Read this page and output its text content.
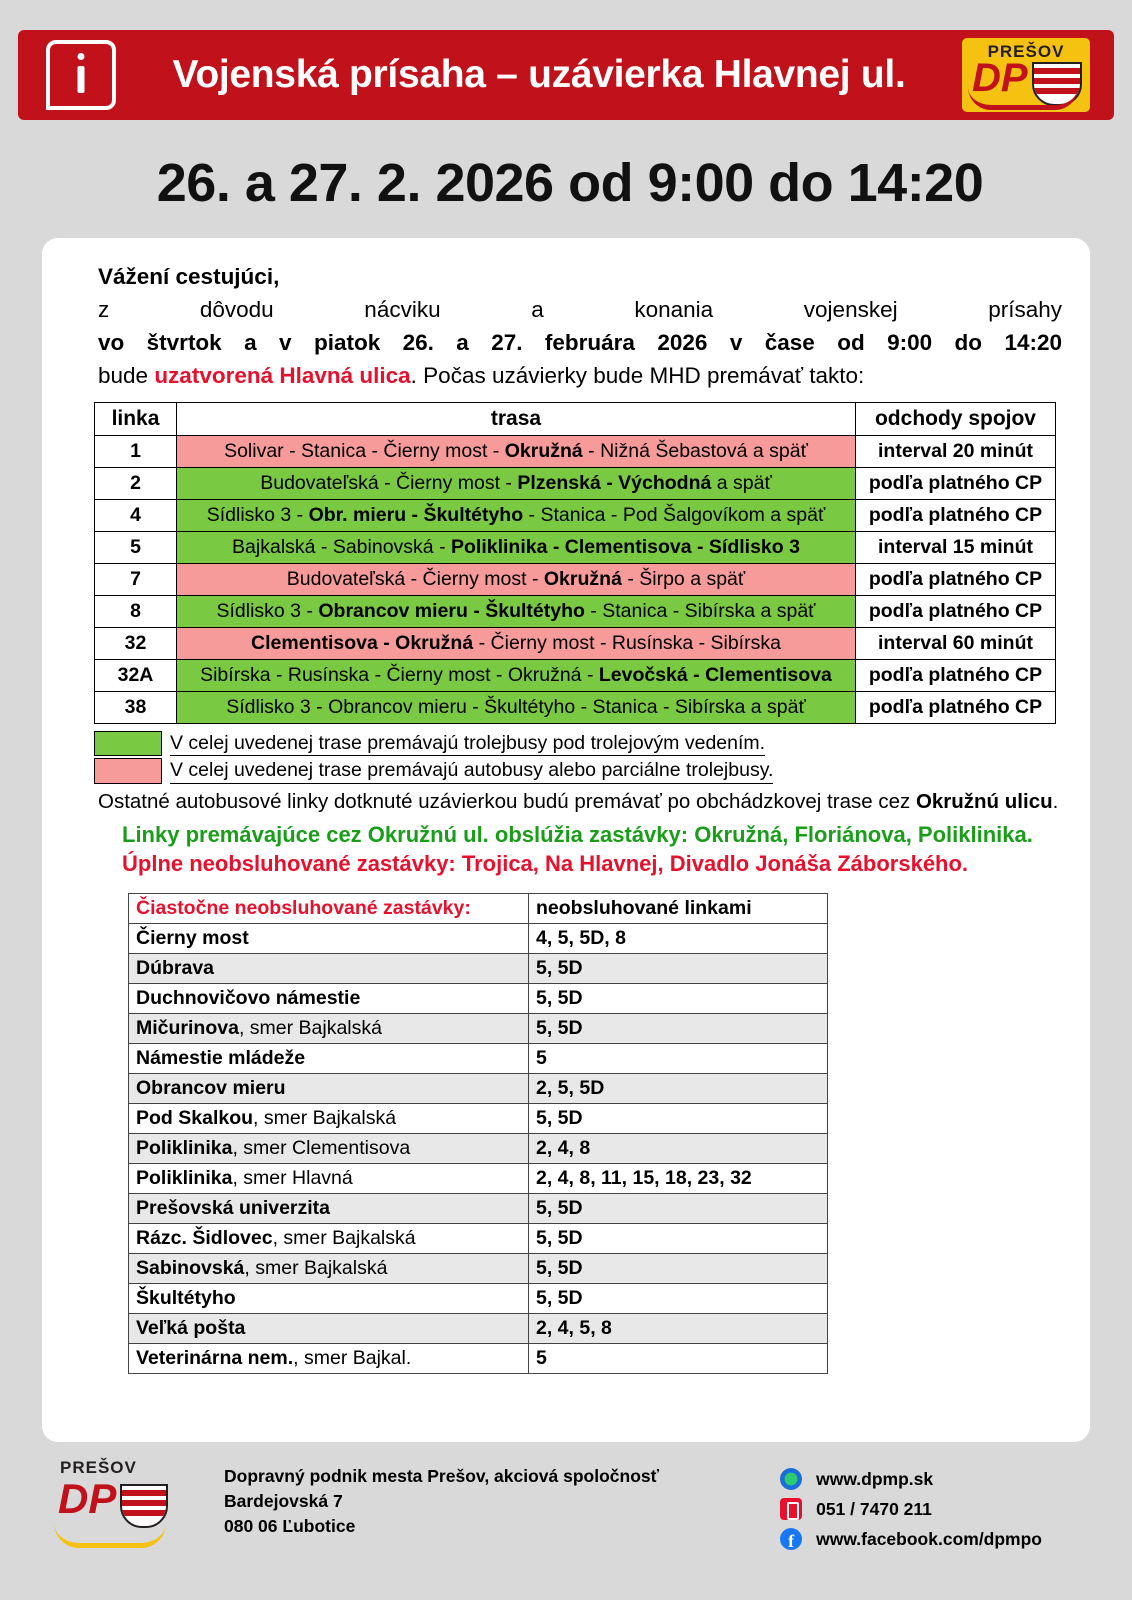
Vojenská prísaha – uzávierka Hlavnej ul.
PREŠOV
DP
26. a 27. 2. 2026 od 9:00 do 14:20

Vážení cestujúci,

z dôvodu nácviku a konania vojenskej prísahy

vo štvrtok a v piatok 26. a 27. februára 2026 v čase od 9:00 do 14:20

bude uzatvorená Hlavná ulica. Počas uzávierky bude MHD premávať takto:

linka	trasa	odchody spojov
1	Solivar - Stanica - Čierny most - Okružná - Nižná Šebastová a späť	interval 20 minút
2	Budovateľská - Čierny most - Plzenská - Východná a späť	podľa platného CP
4	Sídlisko 3 - Obr. mieru - Škultétyho - Stanica - Pod Šalgovíkom a späť	podľa platného CP
5	Bajkalská - Sabinovská - Poliklinika - Clementisova - Sídlisko 3	interval 15 minút
7	Budovateľská - Čierny most - Okružná - Širpo a späť	podľa platného CP
8	Sídlisko 3 - Obrancov mieru - Škultétyho - Stanica - Sibírska a späť	podľa platného CP
32	Clementisova - Okružná - Čierny most - Rusínska - Sibírska	interval 60 minút
32A	Sibírska - Rusínska - Čierny most - Okružná - Levočská - Clementisova	podľa platného CP
38	Sídlisko 3 - Obrancov mieru - Škultétyho - Stanica - Sibírska a späť	podľa platného CP
V celej uvedenej trase premávajú trolejbusy pod trolejovým vedením.
V celej uvedenej trase premávajú autobusy alebo parciálne trolejbusy.
Ostatné autobusové linky dotknuté uzávierkou budú premávať po obchádzkovej trase cez Okružnú ulicu.
Linky premávajúce cez Okružnú ul. obslúžia zastávky: Okružná, Floriánova, Poliklinika.
Úplne neobsluhované zastávky: Trojica, Na Hlavnej, Divadlo Jonáša Záborského.
Čiastočne neobsluhované zastávky:	neobsluhované linkami
Čierny most	4, 5, 5D, 8
Dúbrava	5, 5D
Duchnovičovo námestie	5, 5D
Mičurinova, smer Bajkalská	5, 5D
Námestie mládeže	5
Obrancov mieru	2, 5, 5D
Pod Skalkou, smer Bajkalská	5, 5D
Poliklinika, smer Clementisova	2, 4, 8
Poliklinika, smer Hlavná	2, 4, 8, 11, 15, 18, 23, 32
Prešovská univerzita	5, 5D
Rázc. Šidlovec, smer Bajkalská	5, 5D
Sabinovská, smer Bajkalská	5, 5D
Škultétyho	5, 5D
Veľká pošta	2, 4, 5, 8
Veterinárna nem., smer Bajkal.	5
PREŠOV
DP	Dopravný podnik mesta Prešov, akciová spoločnosť
Bardejovská 7
080 06 Ľubotice
www.dpmp.sk
051 / 7470 211
f
www.facebook.com/dpmpo
